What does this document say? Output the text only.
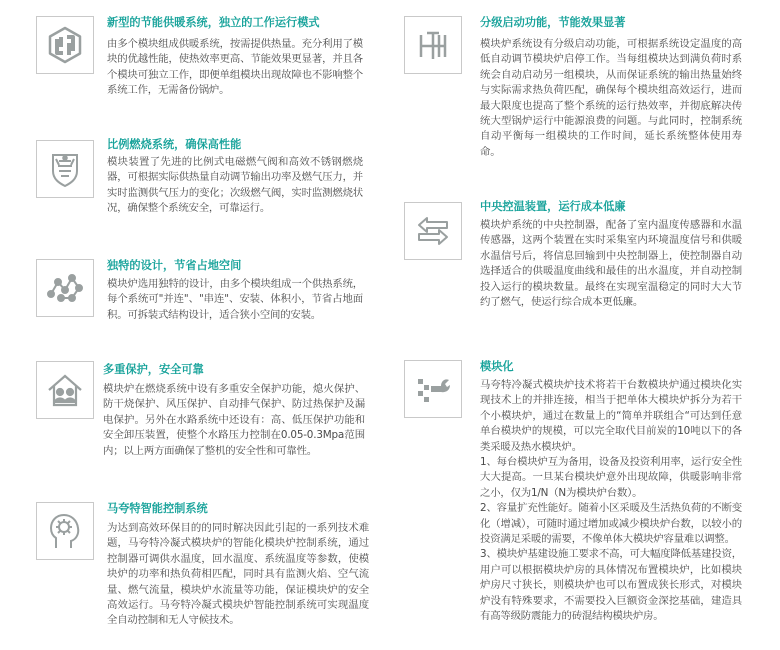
新型的节能供暖系统，独立的工作运行模式
由多个模块组成供暖系统，按需提供热量。充分利用了模块的优越性能，使热效率更高、节能效果更显著，并且各个模块可独立工作，即便单组模块出现故障也不影响整个系统工作，无需备份锅炉。
比例燃烧系统，确保高性能
模块装置了先进的比例式电磁燃气阀和高效不锈钢燃烧器，可根据实际供热量自动调节输出功率及燃气压力，并实时监测供气压力的变化；次级燃气阀，实时监测燃烧状况，确保整个系统安全，可靠运行。
独特的设计，节省占地空间
模块炉选用独特的设计，由多个模块组成一个供热系统，每个系统可"并连"、"串连"、安装、体积小，节省占地面积。可拆装式结构设计，适合狭小空间的安装。
多重保护，安全可靠
模块炉在燃烧系统中设有多重安全保护功能，熄火保护、防干烧保护、风压保护、自动排气保护、防过热保护及漏电保护。另外在水路系统中还设有：高、低压保护功能和安全卸压装置，使整个水路压力控制在0.05-0.3Mpa范围内；以上两方面确保了整机的安全性和可靠性。
马夸特智能控制系统
为达到高效环保目的的同时解决因此引起的一系列技术难题，马夸特冷凝式模块炉的智能化模块炉控制系统，通过控制器可调供水温度，回水温度、系统温度等参数，使模块炉的功率和热负荷相匹配，同时具有监测火焰、空气流量、燃气流量，模块炉水流量等功能，保证模块炉的安全高效运行。马夸特冷凝式模块炉智能控制系统可实现温度全自动控制和无人守候技术。
分级启动功能，节能效果显著
模块炉系统设有分级启动功能，可根据系统设定温度的高低自动调节模块炉启停工作。当每组模块达到满负荷时系统会自动启动另一组模块，从而保证系统的输出热量始终与实际需求热负荷匹配，确保每个模块组高效运行，进而最大限度也提高了整个系统的运行热效率，并彻底解决传统大型锅炉运行中能源浪费的问题。与此同时，控制系统自动平衡每一组模块的工作时间，延长系统整体使用寿命。
中央控温装置，运行成本低廉
模块炉系统的中央控制器，配备了室内温度传感器和水温传感器，这两个装置在实时采集室内环境温度信号和供暖水温信号后，将信息回输到中央控制器上，使控制器自动选择适合的供暖温度曲线和最佳的出水温度，并自动控制投入运行的模块数量。最终在实现室温稳定的同时大大节约了燃气，使运行综合成本更低廉。
模块化

马夸特冷凝式模块炉技术将若干台数模块炉通过模块化实现技术上的并排连接，相当于把单体大模块炉拆分为若干个小模块炉，通过在数量上的“简单并联组合“可达到任意单台模块炉的规模，可以完全取代目前炭的10吨以下的各类采暖及热水模块炉。

1、每台模块炉互为备用，设备及投资利用率，运行安全性大大提高。一旦某台模块炉意外出现故障，供暖影响非常之小，仅为1/N（N为模块炉台数）。

2、容量扩充性能好。随着小区采暖及生活热负荷的不断变化（增减），可随时通过增加或减少模块炉台数，以较小的投资满足采暖的需要，不像单体大模块炉容量难以调整。

3、模块炉基建设施工要求不高，可大幅度降低基建投资，用户可以根据模块炉房的具体情况布置模块炉，比如模块炉房尺寸狭长，则模块炉也可以布置成狭长形式，对模块炉没有特殊要求，不需要投入巨额资金深挖基础，建造具有高等级防震能力的砖混结构模块炉房。
